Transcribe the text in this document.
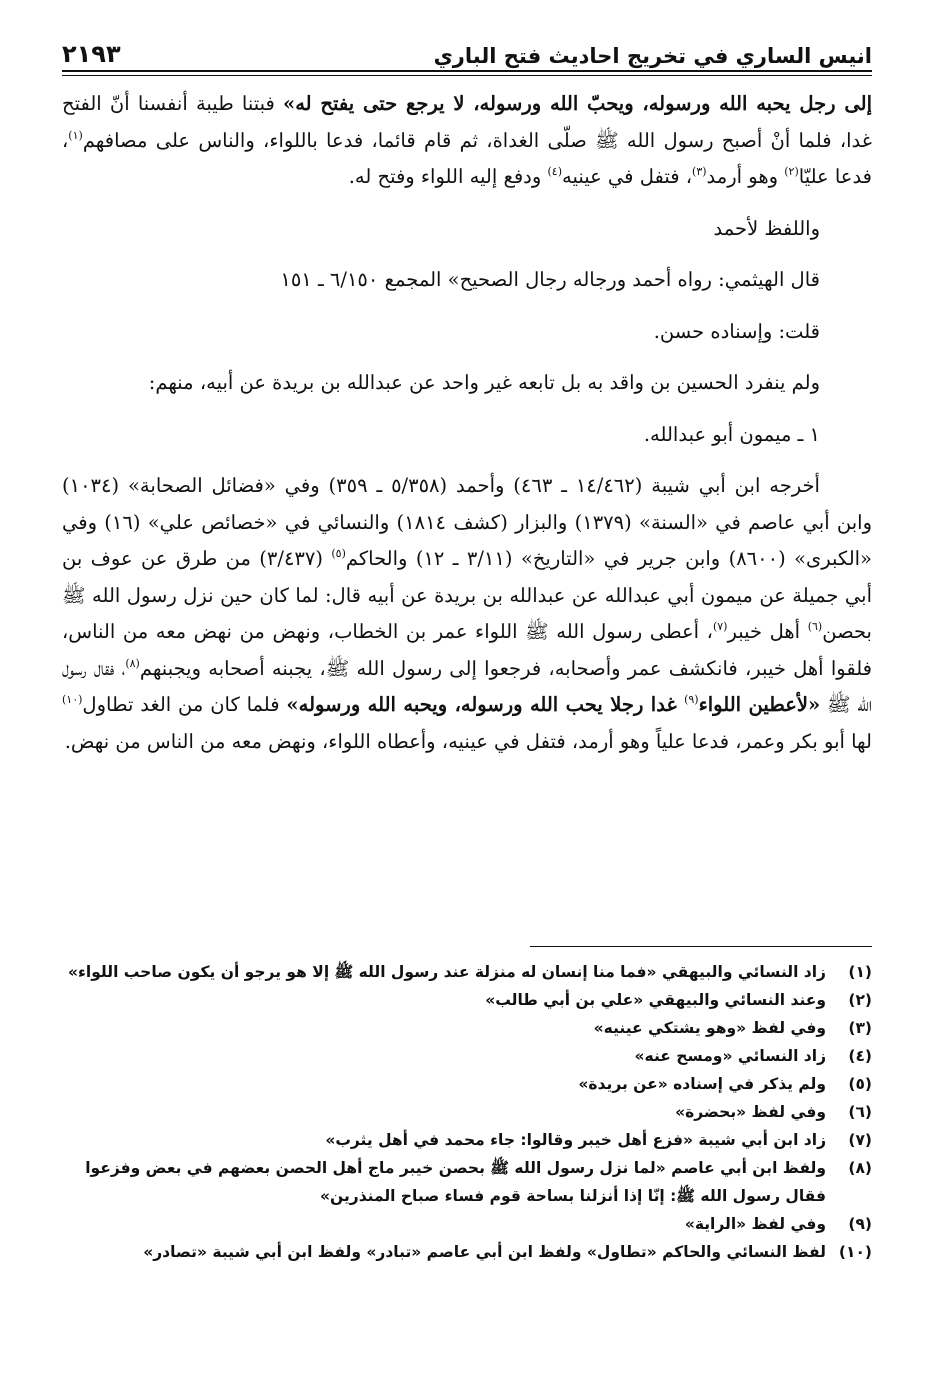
انيس الساري في تخريج احاديث فتح الباري
٢١٩٣

إلى رجل يحبه الله ورسوله، ويحبّ الله ورسوله، لا يرجع حتى يفتح له» فبتنا طيبة أنفسنا أنّ الفتح غدا، فلما أنْ أصبح رسول الله ﷺ صلّى الغداة، ثم قام قائما، فدعا باللواء، والناس على مصافهم$^{(١)}$، فدعا عليّا$^{(٢)}$ وهو أرمد$^{(٣)}$، فتفل في عينيه$^{(٤)}$ ودفع إليه اللواء وفتح له.

واللفظ لأحمد

قال الهيثمي: رواه أحمد ورجاله رجال الصحيح» المجمع ٦/١٥٠ ـ ١٥١

قلت: وإسناده حسن.

ولم ينفرد الحسين بن واقد به بل تابعه غير واحد عن عبدالله بن بريدة عن أبيه، منهم:

١ ـ ميمون أبو عبدالله.

أخرجه ابن أبي شيبة (١٤/٤٦٢ ـ ٤٦٣) وأحمد (٥/٣٥٨ ـ ٣٥٩) وفي «فضائل الصحابة» (١٠٣٤) وابن أبي عاصم في «السنة» (١٣٧٩) والبزار (كشف ١٨١٤) والنسائي في «خصائص علي» (١٦) وفي «الكبرى» (٨٦٠٠) وابن جرير في «التاريخ» (٣/١١ ـ ١٢) والحاكم$^{(٥)}$ (٣/٤٣٧) من طرق عن عوف بن أبي جميلة عن ميمون أبي عبدالله عن عبدالله بن بريدة عن أبيه قال: لما كان حين نزل رسول الله ﷺ بحصن$^{(٦)}$ أهل خيبر$^{(٧)}$، أعطى رسول الله ﷺ اللواء عمر بن الخطاب، ونهض من نهض معه من الناس، فلقوا أهل خيبر، فانكشف عمر وأصحابه، فرجعوا إلى رسول الله ﷺ، يجبنه أصحابه ويجبنهم$^{(٨)}$، فقال رسول الله ﷺ «لأعطين اللواء$^{(٩)}$ غدا رجلا يحب الله ورسوله، ويحبه الله ورسوله» فلما كان من الغد تطاول$^{(١٠)}$ لها أبو بكر وعمر، فدعا علياً وهو أرمد، فتفل في عينيه، وأعطاه اللواء، ونهض معه من الناس من نهض.

(١)
زاد النسائي والبيهقي «فما منا إنسان له منزلة عند رسول الله ﷺ إلا هو يرجو أن يكون صاحب اللواء»
(٢)
وعند النسائي والبيهقي «علي بن أبي طالب»
(٣)
وفي لفظ «وهو يشتكي عينيه»
(٤)
زاد النسائي «ومسح عنه»
(٥)
ولم يذكر في إسناده «عن بريدة»
(٦)
وفي لفظ «بحضرة»
(٧)
زاد ابن أبي شيبة «فزع أهل خيبر وقالوا: جاء محمد في أهل يثرب»
(٨)
ولفظ ابن أبي عاصم «لما نزل رسول الله ﷺ بحصن خيبر ماج أهل الحصن بعضهم في بعض وفزعوا فقال رسول الله ﷺ: إنّا إذا أنزلنا بساحة قوم فساء صباح المنذرين»
(٩)
وفي لفظ «الراية»
(١٠)
لفظ النسائي والحاكم «تطاول» ولفظ ابن أبي عاصم «تبادر» ولفظ ابن أبي شيبة «تصادر»
